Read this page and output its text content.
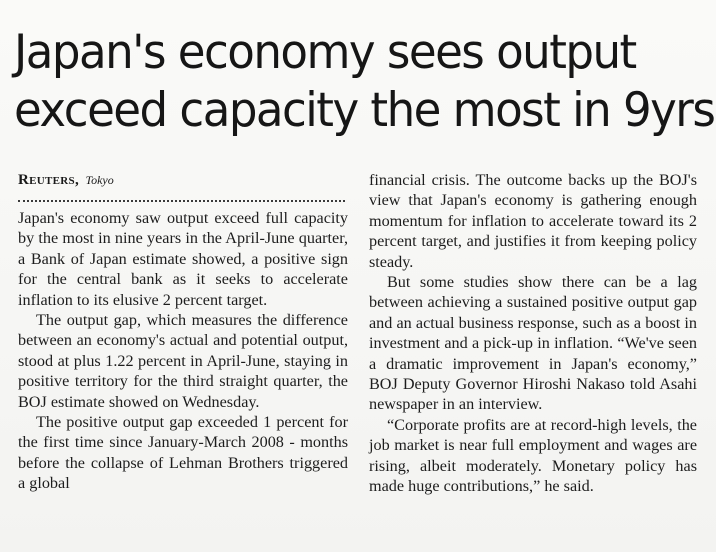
Japan's economy sees output
exceed capacity the most in 9yrs
Reuters, Tokyo

Japan's economy saw output exceed full capacity by the most in nine years in the April-June quarter, a Bank of Japan estimate showed, a positive sign for the central bank as it seeks to accelerate inflation to its elusive 2 percent target.

The output gap, which measures the difference between an economy's actual and potential output, stood at plus 1.22 percent in April-June, staying in positive territory for the third straight quarter, the BOJ estimate showed on Wednesday.

The positive output gap exceeded 1 percent for the first time since January-March 2008 - months before the collapse of Lehman Brothers triggered a global

financial crisis. The outcome backs up the BOJ's view that Japan's economy is gathering enough momentum for inflation to accelerate toward its 2 percent target, and justifies it from keeping policy steady.

But some studies show there can be a lag between achieving a sustained positive output gap and an actual business response, such as a boost in investment and a pick-up in inflation. “We've seen a dramatic improvement in Japan's economy,” BOJ Deputy Governor Hiroshi Nakaso told Asahi newspaper in an interview.

“Corporate profits are at record-high levels, the job market is near full employment and wages are rising, albeit moderately. Monetary policy has made huge contributions,” he said.
